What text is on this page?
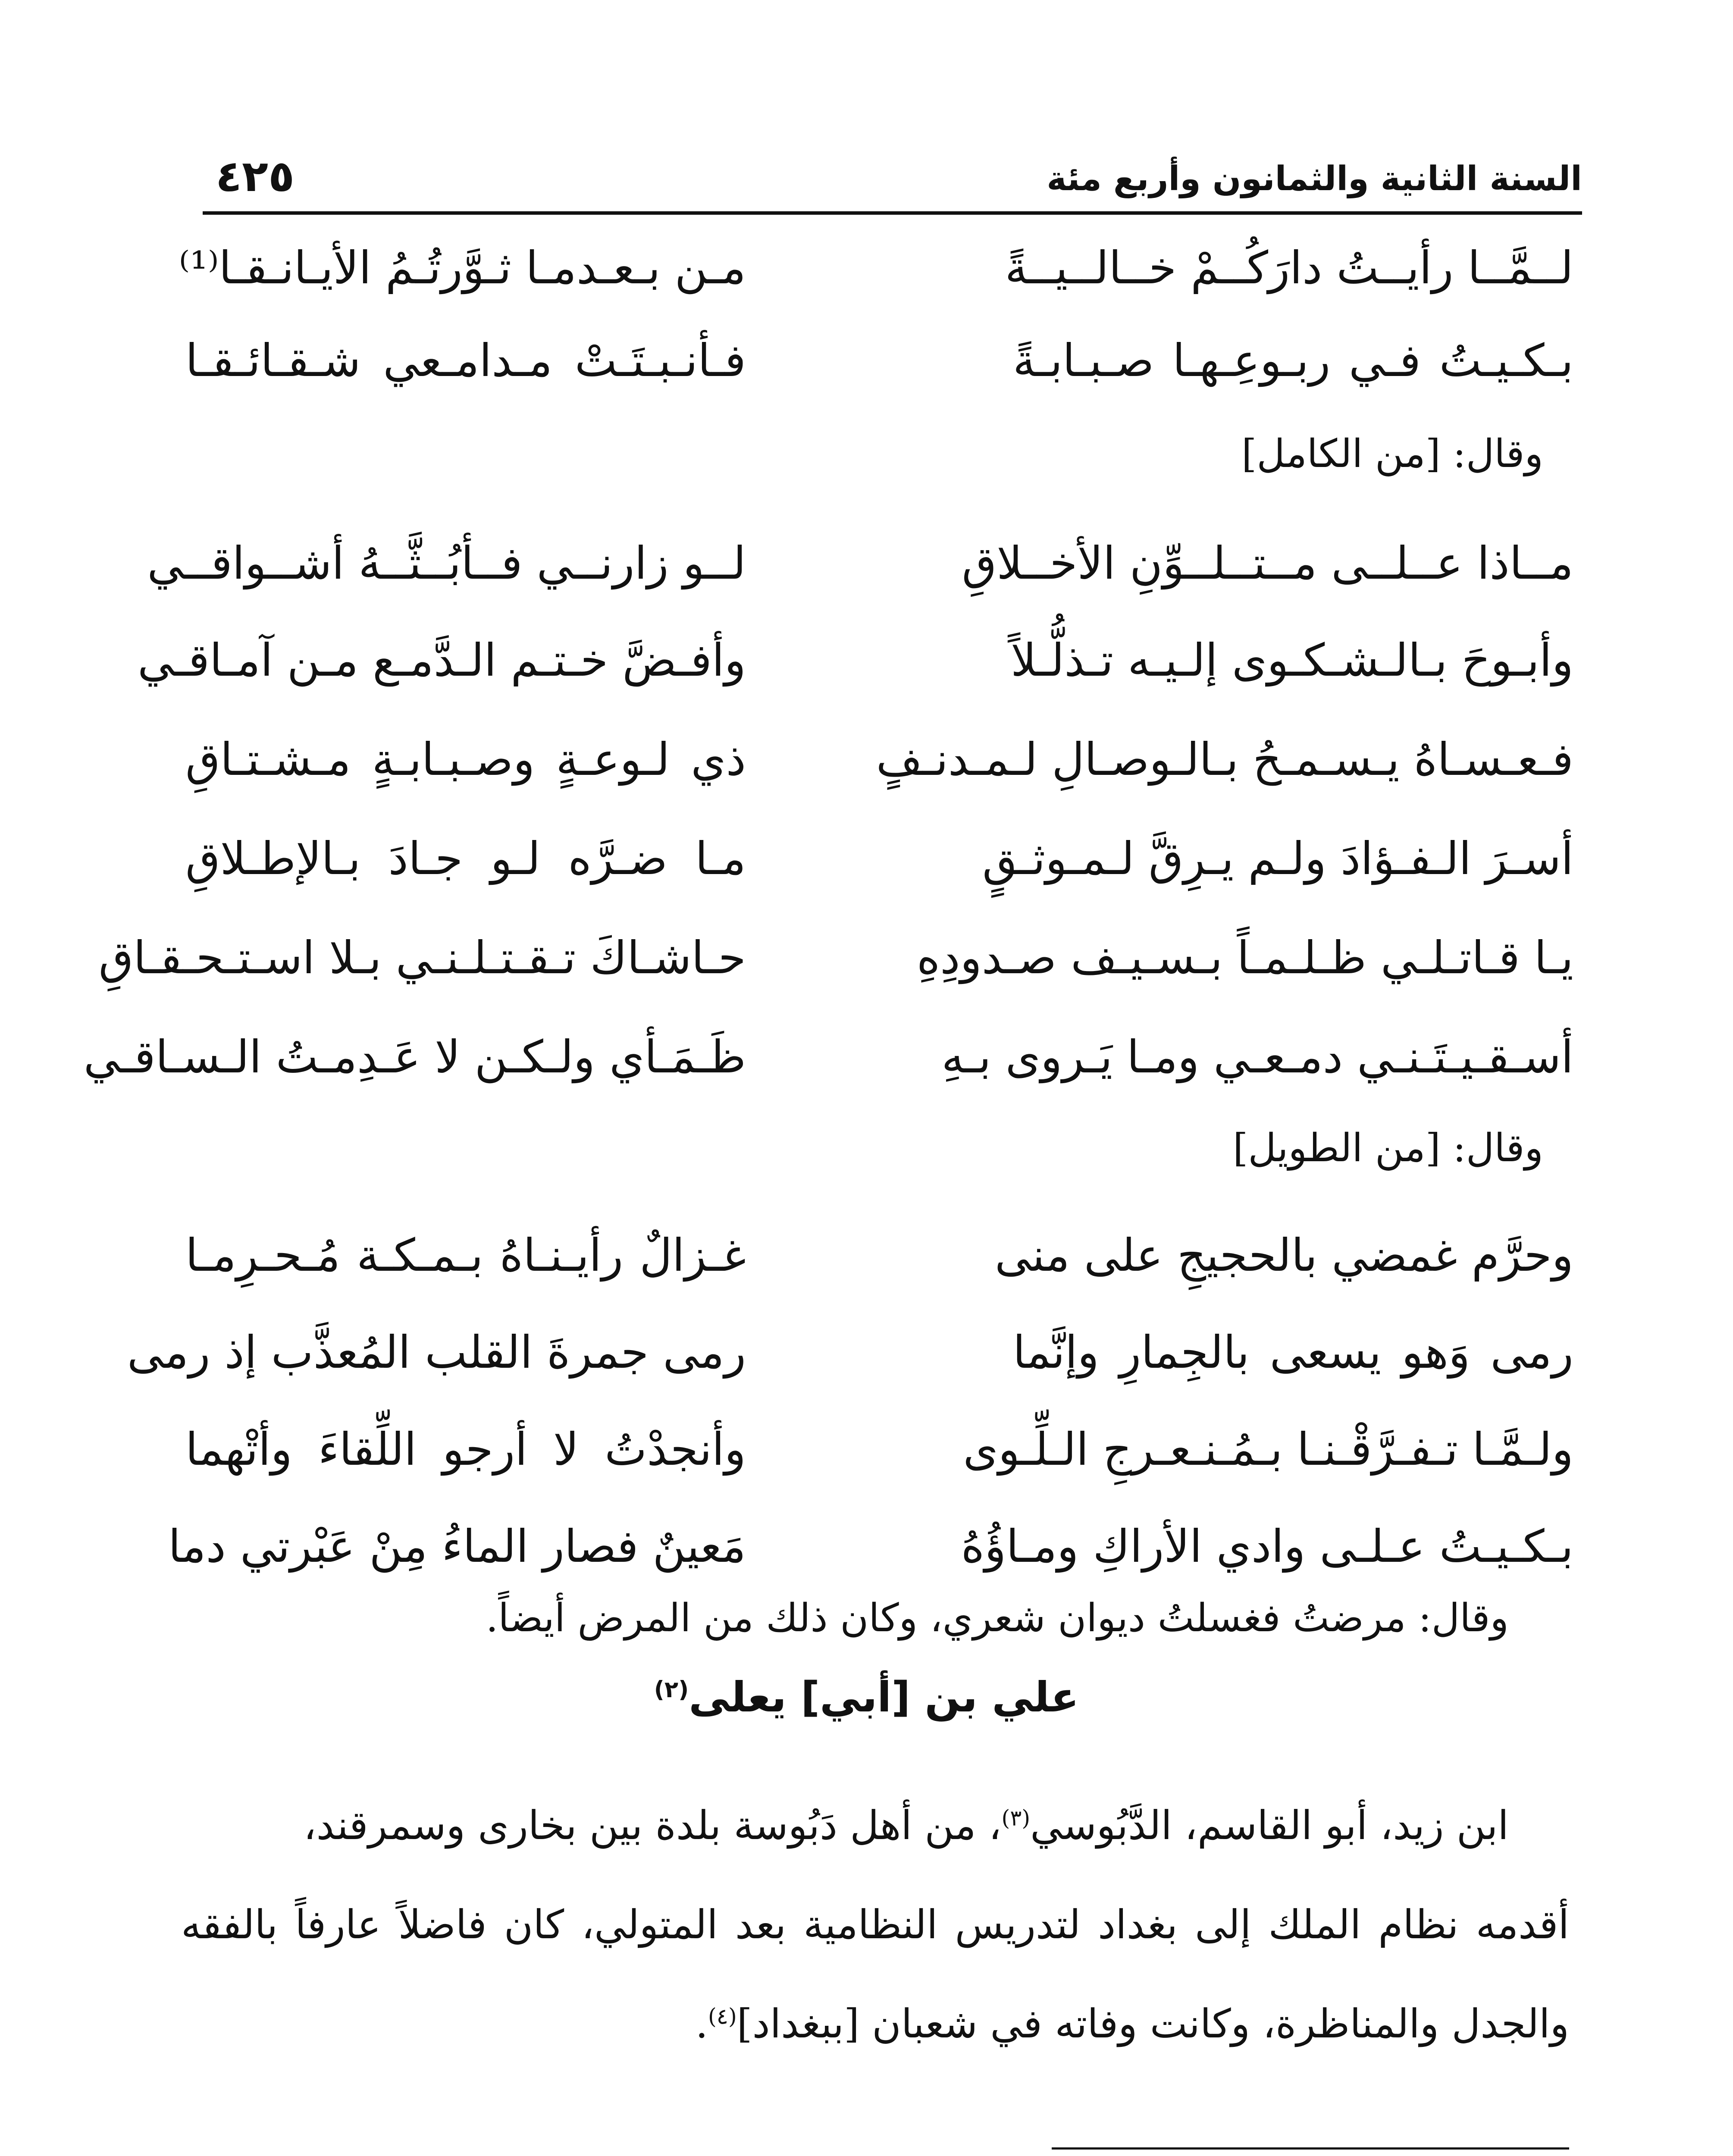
السنة الثانية والثمانون وأربع مئة
٤٢٥
لــمَّــا رأيــتُ دارَكُــمْ خــالــيــةً
مـن بـعـدمـا ثـوَّرتُـمُ الأيـانـقـا⁽¹⁾
بـكـيـتُ فـي ربـوعِـهـا صـبـابـةً
فـأنـبـتَـتْ مـدامـعي شـقـائـقـا
وقال: [من الكامل]
مــاذا عــلــى مــتــلــوِّنِ الأخــلاقِ
لــو زارنــي فــأبُــثَّــهُ أشــواقــي
وأبـوحَ بـالـشـكـوى إلـيـه تـذلُّـلاً
وأفـضَّ خـتـم الـدَّمـع مـن آمـاقـي
فـعـسـاهُ يـسـمـحُ بـالـوصـالِ لـمـدنـفٍ
ذي لـوعـةٍ وصـبـابـةٍ مـشـتـاقِ
أسـرَ الـفـؤادَ ولـم يـرِقَّ لـمـوثـقٍ
مـا ضـرَّه لـو جـادَ بـالإطـلاقِ
يـا قـاتـلـي ظـلـمـاً بـسـيـف صـدودِهِ
حـاشـاكَ تـقـتـلـنـي بـلا اسـتـحـقـاقِ
أسـقـيـتَـنـي دمـعـي ومـا يَـروى بـهِ
ظَـمَـأي ولـكـن لا عَـدِمـتُ الـسـاقـي
وقال: [من الطويل]
وحرَّم غمضي بالحجيجِ على منى
غـزالٌ رأيـنـاهُ بـمـكـة مُـحـرِمـا
رمى وَهو يسعى بالجِمارِ وإنَّما
رمى جمرةَ القلب المُعذَّب إذ رمى
ولـمَّـا تـفـرَّقْـنـا بـمُـنـعـرجِ الـلِّـوى
وأنجدْتُ لا أرجو اللِّقاءَ وأتْهما
بـكـيـتُ عـلـى وادي الأراكِ ومـاؤُهُ
مَعينٌ فصار الماءُ مِنْ عَبْرتي دما
وقال: مرضتُ فغسلتُ ديوان شعري، وكان ذلك من المرض أيضاً.
علي بن [أبي] يعلى$^{(٢)}$
ابن زيد، أبو القاسم، الدَّبُوسي$^{(٣)}$، من أهل دَبُوسة بلدة بين بخارى وسمرقند،
أقدمه نظام الملك إلى بغداد لتدريس النظامية بعد المتولي، كان فاضلاً عارفاً بالفقه
والجدل والمناظرة، وكانت وفاته في شعبان [ببغداد]$^{(٤)}$.
